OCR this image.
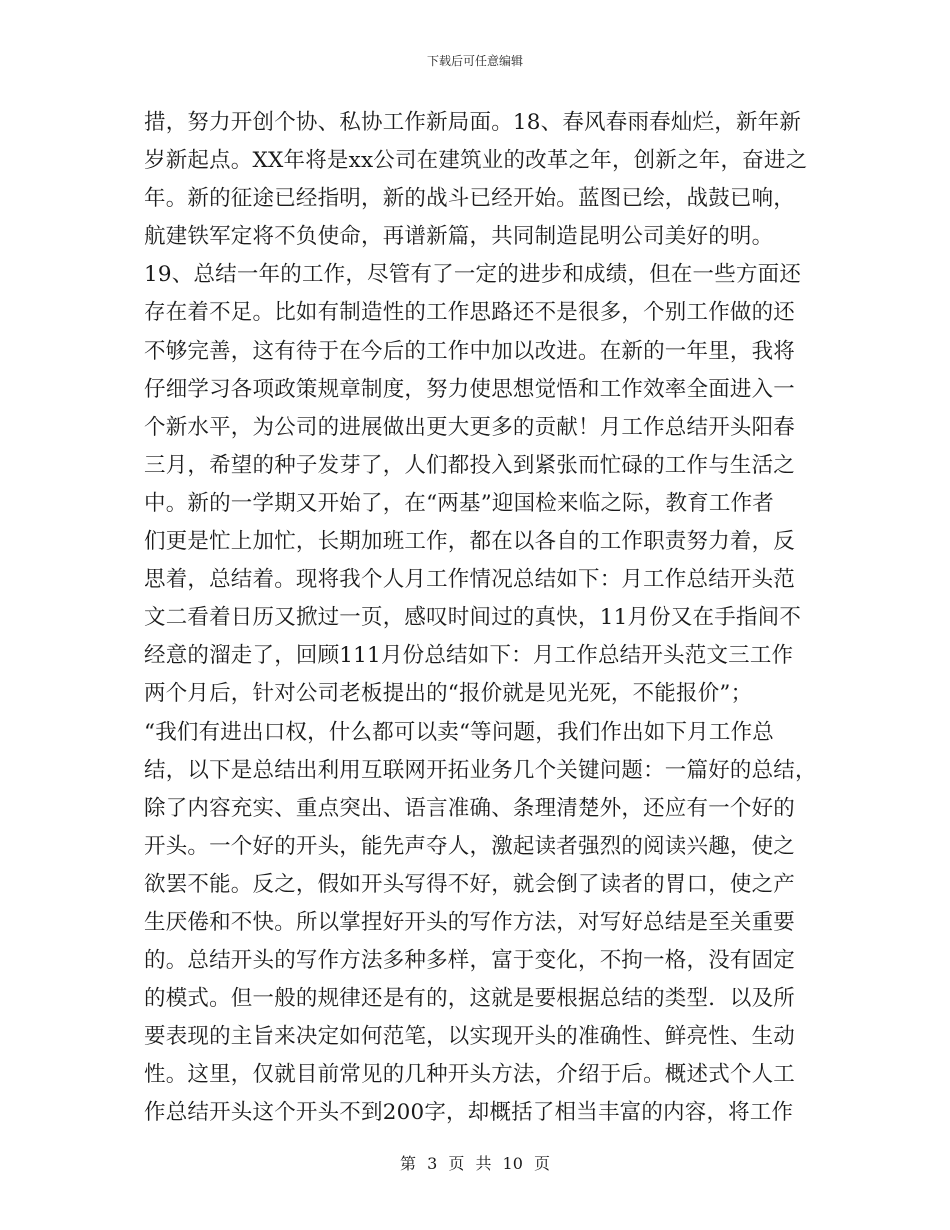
下载后可任意编辑
措，努力开创个协、私协工作新局面。18、春风春雨春灿烂，新年新
岁新起点。XX年将是xx公司在建筑业的改革之年，创新之年，奋进之
年。新的征途已经指明，新的战斗已经开始。蓝图已绘，战鼓已响，
航建铁军定将不负使命，再谱新篇，共同制造昆明公司美好的明。
19、总结一年的工作，尽管有了一定的进步和成绩，但在一些方面还
存在着不足。比如有制造性的工作思路还不是很多，个别工作做的还
不够完善，这有待于在今后的工作中加以改进。在新的一年里，我将
仔细学习各项政策规章制度，努力使思想觉悟和工作效率全面进入一
个新水平，为公司的进展做出更大更多的贡献！月工作总结开头阳春
三月，希望的种子发芽了，人们都投入到紧张而忙碌的工作与生活之
中。新的一学期又开始了，在“两基”迎国检来临之际，教育工作者
们更是忙上加忙，长期加班工作，都在以各自的工作职责努力着，反
思着，总结着。现将我个人月工作情况总结如下：月工作总结开头范
文二看着日历又掀过一页，感叹时间过的真快，11月份又在手指间不
经意的溜走了，回顾111月份总结如下：月工作总结开头范文三工作
两个月后，针对公司老板提出的“报价就是见光死，不能报价”；
“我们有进出口权，什么都可以卖“等问题，我们作出如下月工作总
结，以下是总结出利用互联网开拓业务几个关键问题：一篇好的总结，
除了内容充实、重点突出、语言准确、条理清楚外，还应有一个好的
开头。一个好的开头，能先声夺人，激起读者强烈的阅读兴趣，使之
欲罢不能。反之，假如开头写得不好，就会倒了读者的胃口，使之产
生厌倦和不快。所以掌捏好开头的写作方法，对写好总结是至关重要
的。总结开头的写作方法多种多样，富于变化，不拘一格，没有固定
的模式。但一般的规律还是有的，这就是要根据总结的类型．以及所
要表现的主旨来决定如何范笔，以实现开头的准确性、鲜亮性、生动
性。这里，仅就目前常见的几种开头方法，介绍于后。概述式个人工
作总结开头这个开头不到200字，却概括了相当丰富的内容，将工作
第 3 页 共 10 页
